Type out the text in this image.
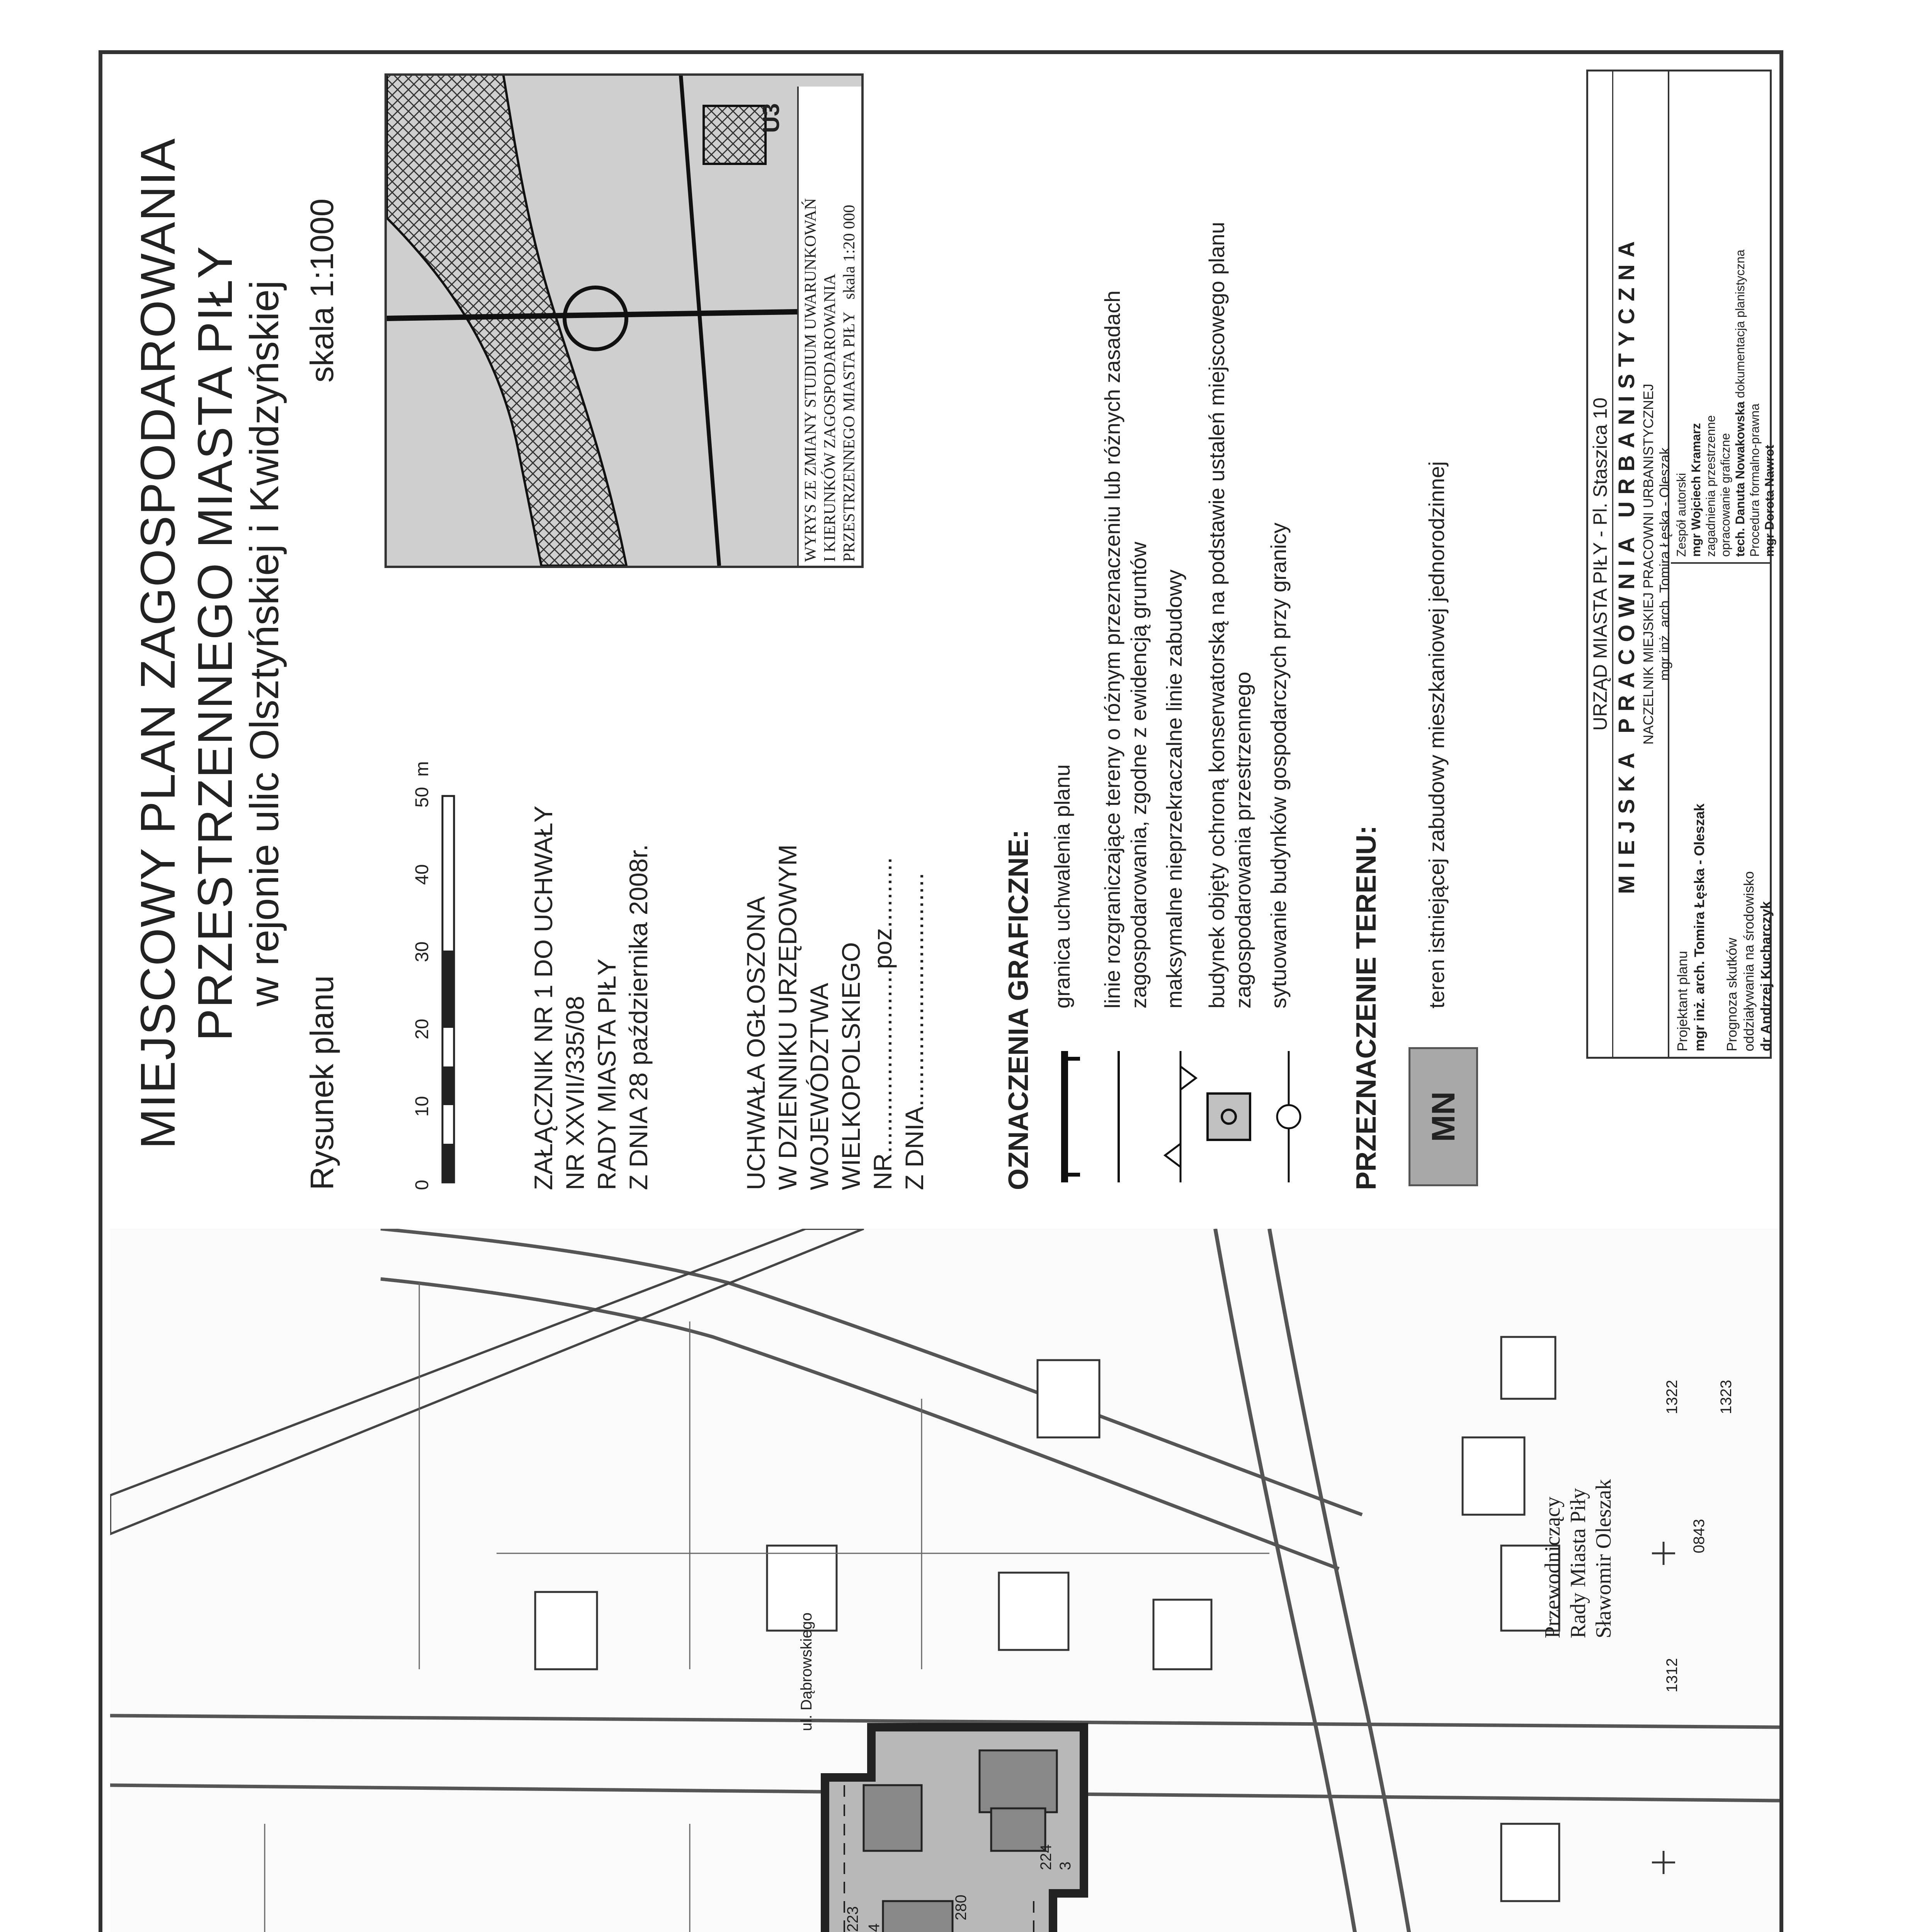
ul. Dąbrowskiego
223 4
280
224 3
Przewodniczący Rady Miasta Piły Sławomir Oleszak
1312
1322 1323
0843
MIEJSCOWY PLAN ZAGOSPODAROWANIA PRZESTRZENNEGO MIASTA PIŁY w rejonie ulic Olsztyńskiej i Kwidzyńskiej
Rysunek planu
skala 1:1000
0
10
20
30
40
50
m
ZAŁĄCZNIK NR 1 DO UCHWAŁY NR XXVII/335/08 RADY MIASTA PIŁY Z DNIA 28 października 2008r.	UCHWAŁA OGŁOSZONA W DZIENNIKU URZĘDOWYM WOJEWÓDZTWA WIELKOPOLSKIEGO NR..........................poz.......... Z DNIA.................................	OZNACZENIA GRAFICZNE: granica uchwalenia planu linie rozgraniczające tereny o różnym przeznaczeniu lub różnych zasadach zagospodarowania, zgodne z ewidencją gruntów maksymalne nieprzekraczalne linie zabudowy budynek objęty ochroną konserwatorską na podstawie ustaleń miejscowego planu zagospodarowania przestrzennego sytuowanie budynków gospodarczych przy granicy PRZEZNACZENIE TERENU:	MN
teren istniejącej zabudowy mieszkaniowej jednorodzinnej
U3
WYRYS ZE ZMIANY STUDIUM UWARUNKOWAŃ I KIERUNKÓW ZAGOSPODAROWANIA PRZESTRZENNEGO MIASTA PIŁY   skala 1:20 000
URZĄD MIASTA PIŁY - Pl. Staszica 10 MIEJSKA PRACOWNIA URBANISTYCZNA NACZELNIK MIEJSKIEJ PRACOWNI URBANISTYCZNEJ mgr inż. arch. Tomira Łęska - Oleszak
Projektant planu mgr inż. arch. Tomira Łęska - Oleszak Prognoza skutków oddziaływania na środowisko dr Andrzej Kucharczyk
Zespół autorski mgr Wojciech Kramarz zagadnienia przestrzenne opracowanie graficzne tech. Danuta Nowakowska dokumentacja planistyczna
Procedura formalno-prawna mgr Dorota Nawrot
